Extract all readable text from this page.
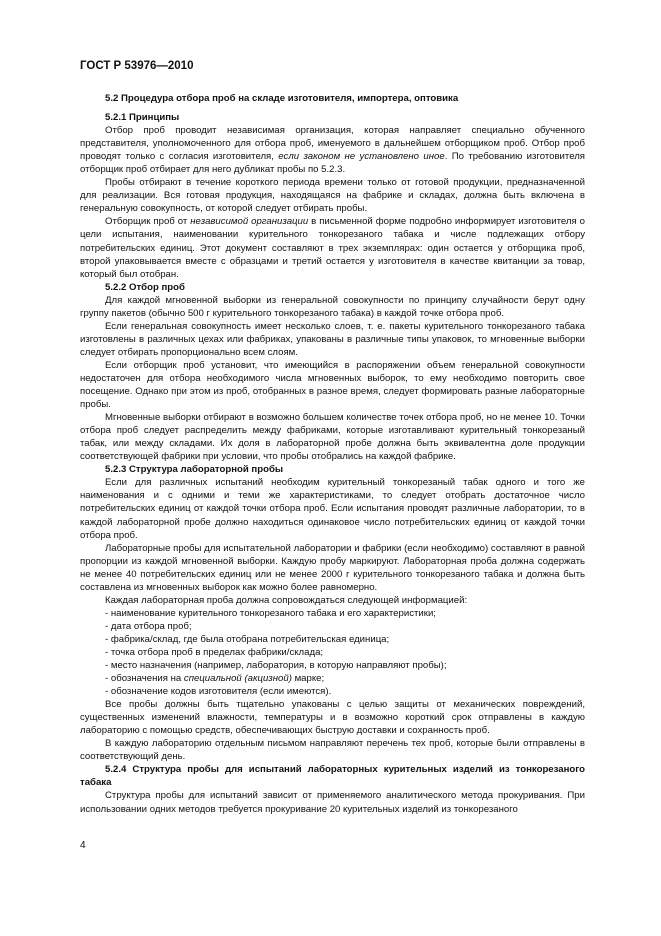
ГОСТ Р 53976—2010

5.2 Процедура отбора проб на складе изготовителя, импортера, оптовика

5.2.1 Принципы

Отбор проб проводит независимая организация, которая направляет специально обученного представителя, уполномоченного для отбора проб, именуемого в дальнейшем отборщиком проб. Отбор проб проводят только с согласия изготовителя, если законом не установлено иное. По требованию изготовителя отборщик проб отбирает для него дубликат пробы по 5.2.3.

Пробы отбирают в течение короткого периода времени только от готовой продукции, предназначенной для реализации. Вся готовая продукция, находящаяся на фабрике и складах, должна быть включена в генеральную совокупность, от которой следует отбирать пробы.

Отборщик проб от независимой организации в письменной форме подробно информирует изготовителя о цели испытания, наименовании курительного тонкорезаного табака и числе подлежащих отбору потребительских единиц. Этот документ составляют в трех экземплярах: один остается у отборщика проб, второй упаковывается вместе с образцами и третий остается у изготовителя в качестве квитанции за товар, который был отобран.

5.2.2 Отбор проб

Для каждой мгновенной выборки из генеральной совокупности по принципу случайности берут одну группу пакетов (обычно 500 г курительного тонкорезаного табака) в каждой точке отбора проб.

Если генеральная совокупность имеет несколько слоев, т. е. пакеты курительного тонкорезаного табака изготовлены в различных цехах или фабриках, упакованы в различные типы упаковок, то мгновенные выборки следует отбирать пропорционально всем слоям.

Если отборщик проб установит, что имеющийся в распоряжении объем генеральной совокупности недостаточен для отбора необходимого числа мгновенных выборок, то ему необходимо повторить свое посещение. Однако при этом из проб, отобранных в разное время, следует формировать разные лабораторные пробы.

Мгновенные выборки отбирают в возможно большем количестве точек отбора проб, но не менее 10. Точки отбора проб следует распределить между фабриками, которые изготавливают курительный тонкорезаный табак, или между складами. Их доля в лабораторной пробе должна быть эквивалентна доле продукции соответствующей фабрики при условии, что пробы отобрались на каждой фабрике.

5.2.3 Структура лабораторной пробы

Если для различных испытаний необходим курительный тонкорезаный табак одного и того же наименования и с одними и теми же характеристиками, то следует отобрать достаточное число потребительских единиц от каждой точки отбора проб. Если испытания проводят различные лаборатории, то в каждой лабораторной пробе должно находиться одинаковое число потребительских единиц от каждой точки отбора проб.

Лабораторные пробы для испытательной лаборатории и фабрики (если необходимо) составляют в равной пропорции из каждой мгновенной выборки. Каждую пробу маркируют. Лабораторная проба должна содержать не менее 40 потребительских единиц или не менее 2000 г курительного тонкорезаного табака и должна быть составлена из мгновенных выборок как можно более равномерно.

Каждая лабораторная проба должна сопровождаться следующей информацией:

- наименование курительного тонкорезаного табака и его характеристики;

- дата отбора проб;

- фабрика/склад, где была отобрана потребительская единица;

- точка отбора проб в пределах фабрики/склада;

- место назначения (например, лаборатория, в которую направляют пробы);

- обозначения на специальной (акцизной) марке;

- обозначение кодов изготовителя (если имеются).

Все пробы должны быть тщательно упакованы с целью защиты от механических повреждений, существенных изменений влажности, температуры и в возможно короткий срок отправлены в каждую лабораторию с помощью средств, обеспечивающих быструю доставки и сохранность проб.

В каждую лабораторию отдельным письмом направляют перечень тех проб, которые были отправлены в соответствующий день.

5.2.4 Структура пробы для испытаний лабораторных курительных изделий из тонкорезаного табака

Структура пробы для испытаний зависит от применяемого аналитического метода прокуривания. При использовании одних методов требуется прокуривание 20 курительных изделий из тонкорезаного

4
